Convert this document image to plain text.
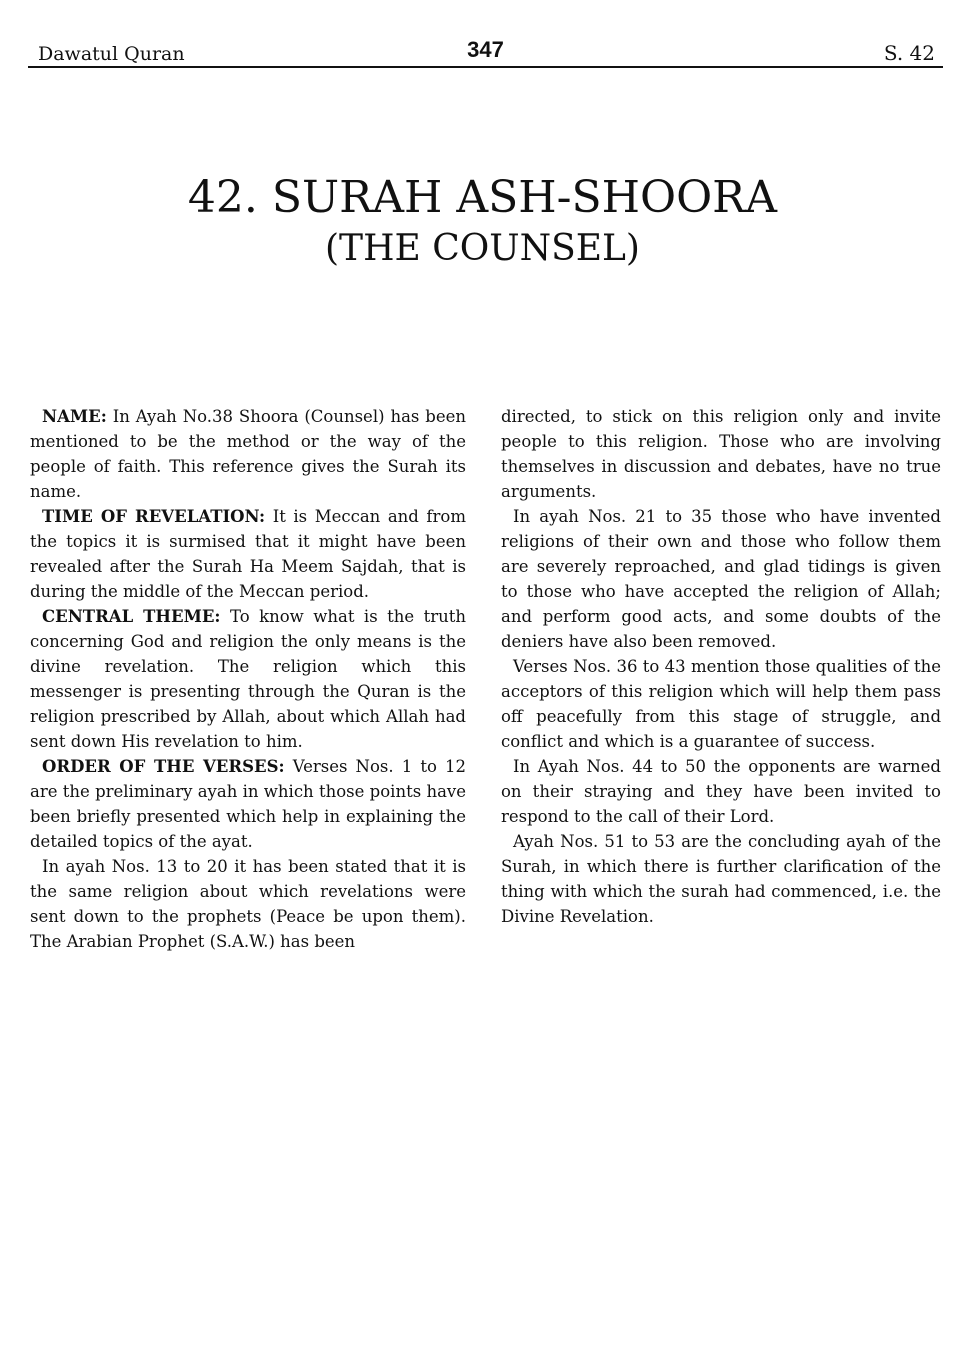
Dawatul Quran	347	S. 42
42. SURAH ASH-SHOORA
(THE COUNSEL)

NAME: In Ayah No.38 Shoora (Counsel) has been mentioned to be the method or the way of the people of faith. This reference gives the Surah its name.

TIME OF REVELATION: It is Meccan and from the topics it is surmised that it might have been revealed after the Surah Ha Meem Sajdah, that is during the middle of the Meccan period.

CENTRAL THEME: To know what is the truth concerning God and religion the only means is the divine revelation. The religion which this messenger is presenting through the Quran is the religion prescribed by Allah, about which Allah had sent down His revelation to him.

ORDER OF THE VERSES: Verses Nos. 1 to 12 are the preliminary ayah in which those points have been briefly presented which help in explaining the detailed topics of the ayat.

In ayah Nos. 13 to 20 it has been stated that it is the same religion about which revelations were sent down to the prophets (Peace be upon them). The Arabian Prophet (S.A.W.) has been

directed, to stick on this religion only and invite people to this religion. Those who are involving themselves in discussion and debates, have no true arguments.

In ayah Nos. 21 to 35 those who have invented religions of their own and those who follow them are severely reproached, and glad tidings is given to those who have accepted the religion of Allah; and perform good acts, and some doubts of the deniers have also been removed.

Verses Nos. 36 to 43 mention those qualities of the acceptors of this religion which will help them pass off peacefully from this stage of struggle, and conflict and which is a guarantee of success.

In Ayah Nos. 44 to 50 the opponents are warned on their straying and they have been invited to respond to the call of their Lord.

Ayah Nos. 51 to 53 are the concluding ayah of the Surah, in which there is further clarification of the thing with which the surah had commenced, i.e. the Divine Revelation.
